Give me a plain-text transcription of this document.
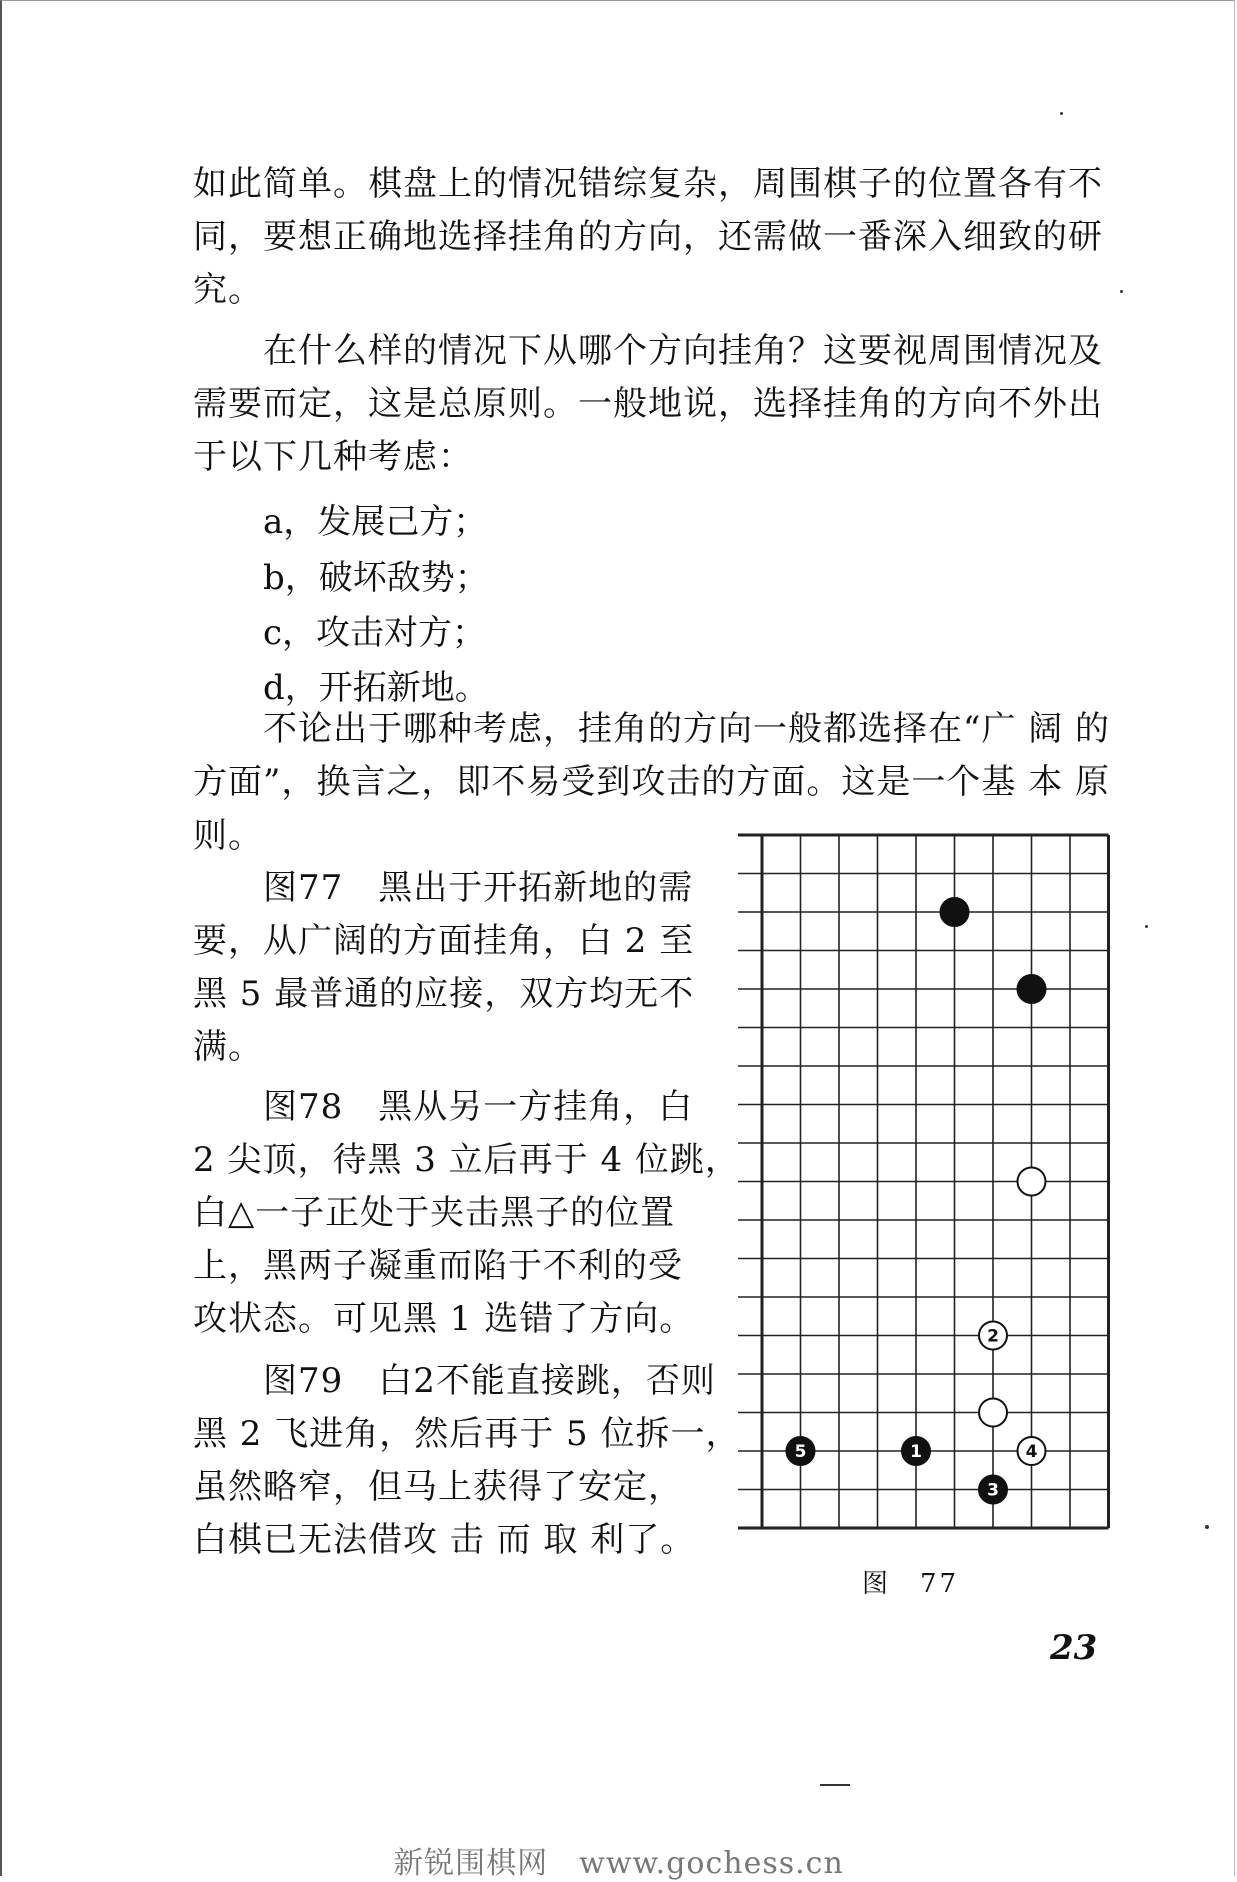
如此简单。棋盘上的情况错综复杂，周围棋子的位置各有不
同，要想正确地选择挂角的方向，还需做一番深入细致的研
究。
在什么样的情况下从哪个方向挂角？这要视周围情况及
需要而定，这是总原则。一般地说，选择挂角的方向不外出
于以下几种考虑：
a，发展己方；
b，破坏敌势；
c，攻击对方；
d，开拓新地。
不论出于哪种考虑，挂角的方向一般都选择在“广 阔 的
方面”，换言之，即不易受到攻击的方面。这是一个基 本 原
则。
图77　黑出于开拓新地的需
要，从广阔的方面挂角，白 2 至
黑 5 最普通的应接，双方均无不
满。
图78　黑从另一方挂角，白
2 尖顶，待黑 3 立后再于 4 位跳，
白△一子正处于夹击黑子的位置
上，黑两子凝重而陷于不利的受
攻状态。可见黑 1 选错了方向。
图79　白2不能直接跳，否则
黑 2 飞进角，然后再于 5 位拆一，
虽然略窄，但马上获得了安定，
白棋已无法借攻 击 而 取 利了。
2
4
5	1
3
图　77
23
新锐围棋网　www.gochess.cn
